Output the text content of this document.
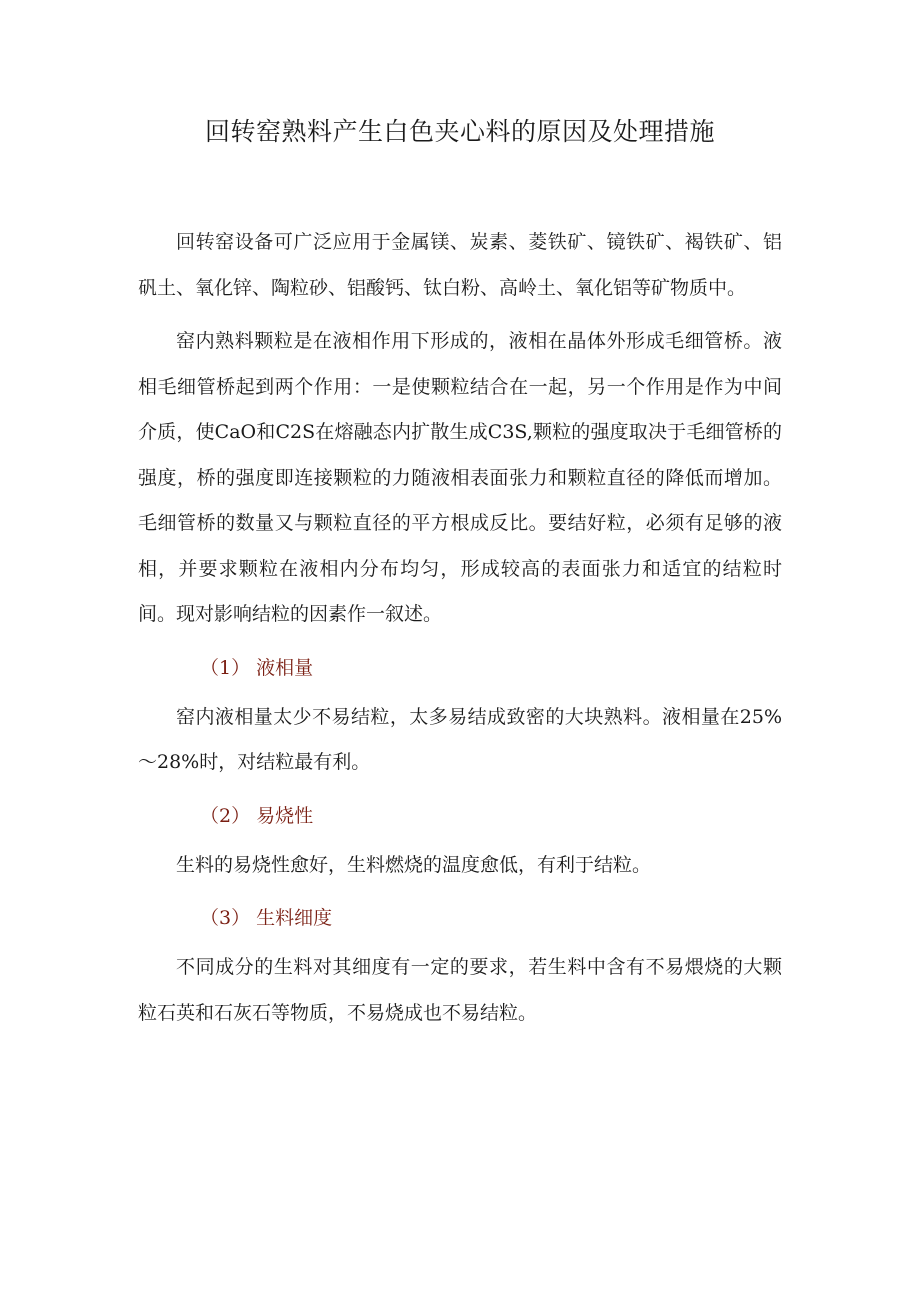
回转窑熟料产生白色夹心料的原因及处理措施

回转窑设备可广泛应用于金属镁、炭素、菱铁矿、镜铁矿、褐铁矿、铝矾土、氧化锌、陶粒砂、铝酸钙、钛白粉、高岭土、氧化铝等矿物质中。

窑内熟料颗粒是在液相作用下形成的，液相在晶体外形成毛细管桥。液相毛细管桥起到两个作用：一是使颗粒结合在一起，另一个作用是作为中间介质，使CaO和C2S在熔融态内扩散生成C3S,颗粒的强度取决于毛细管桥的强度，桥的强度即连接颗粒的力随液相表面张力和颗粒直径的降低而增加。毛细管桥的数量又与颗粒直径的平方根成反比。要结好粒，必须有足够的液相，并要求颗粒在液相内分布均匀，形成较高的表面张力和适宜的结粒时间。现对影响结粒的因素作一叙述。

（1） 液相量

窑内液相量太少不易结粒，太多易结成致密的大块熟料。液相量在25%～28%时，对结粒最有利。

（2） 易烧性

生料的易烧性愈好，生料燃烧的温度愈低，有利于结粒。

（3） 生料细度

不同成分的生料对其细度有一定的要求，若生料中含有不易煨烧的大颗粒石英和石灰石等物质，不易烧成也不易结粒。
